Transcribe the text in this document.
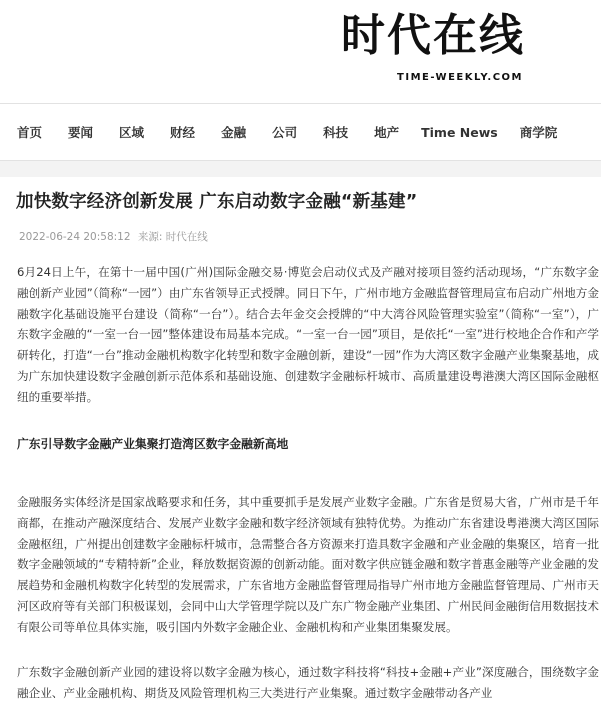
时代在线
TIME-WEEKLY.COM
首页 要闻 区域 财经 金融 公司 科技 地产 Time News 商学院
加快数字经济创新发展 广东启动数字金融“新基建”
2022-06-24 20:58:12 来源: 时代在线

6月24日上午，在第十一届中国(广州)国际金融交易·博览会启动仪式及产融对接项目签约活动现场，“广东数字金融创新产业园”（简称“一园”）由广东省领导正式授牌。同日下午，广州市地方金融监督管理局宣布启动广州地方金融数字化基础设施平台建设（简称“一台”）。结合去年金交会授牌的“中大湾谷风险管理实验室”（简称“一室”），广东数字金融的“一室一台一园”整体建设布局基本完成。“一室一台一园”项目，是依托“一室”进行校地企合作和产学研转化，打造“一台”推动金融机构数字化转型和数字金融创新，建设“一园”作为大湾区数字金融产业集聚基地，成为广东加快建设数字金融创新示范体系和基础设施、创建数字金融标杆城市、高质量建设粤港澳大湾区国际金融枢纽的重要举措。

广东引导数字金融产业集聚打造湾区数字金融新高地

金融服务实体经济是国家战略要求和任务，其中重要抓手是发展产业数字金融。广东省是贸易大省，广州市是千年商都，在推动产融深度结合、发展产业数字金融和数字经济领域有独特优势。为推动广东省建设粤港澳大湾区国际金融枢纽，广州提出创建数字金融标杆城市，急需整合各方资源来打造具数字金融和产业金融的集聚区，培育一批数字金融领域的“专精特新”企业，释放数据资源的创新动能。面对数字供应链金融和数字普惠金融等产业金融的发展趋势和金融机构数字化转型的发展需求，广东省地方金融监督管理局指导广州市地方金融监督管理局、广州市天河区政府等有关部门积极谋划，会同中山大学管理学院以及广东广物金融产业集团、广州民间金融街信用数据技术有限公司等单位具体实施，吸引国内外数字金融企业、金融机构和产业集团集聚发展。

广东数字金融创新产业园的建设将以数字金融为核心，通过数字科技将“科技+金融+产业”深度融合，围绕数字金融企业、产业金融机构、期货及风险管理机构三大类进行产业集聚。通过数字金融带动各产业
